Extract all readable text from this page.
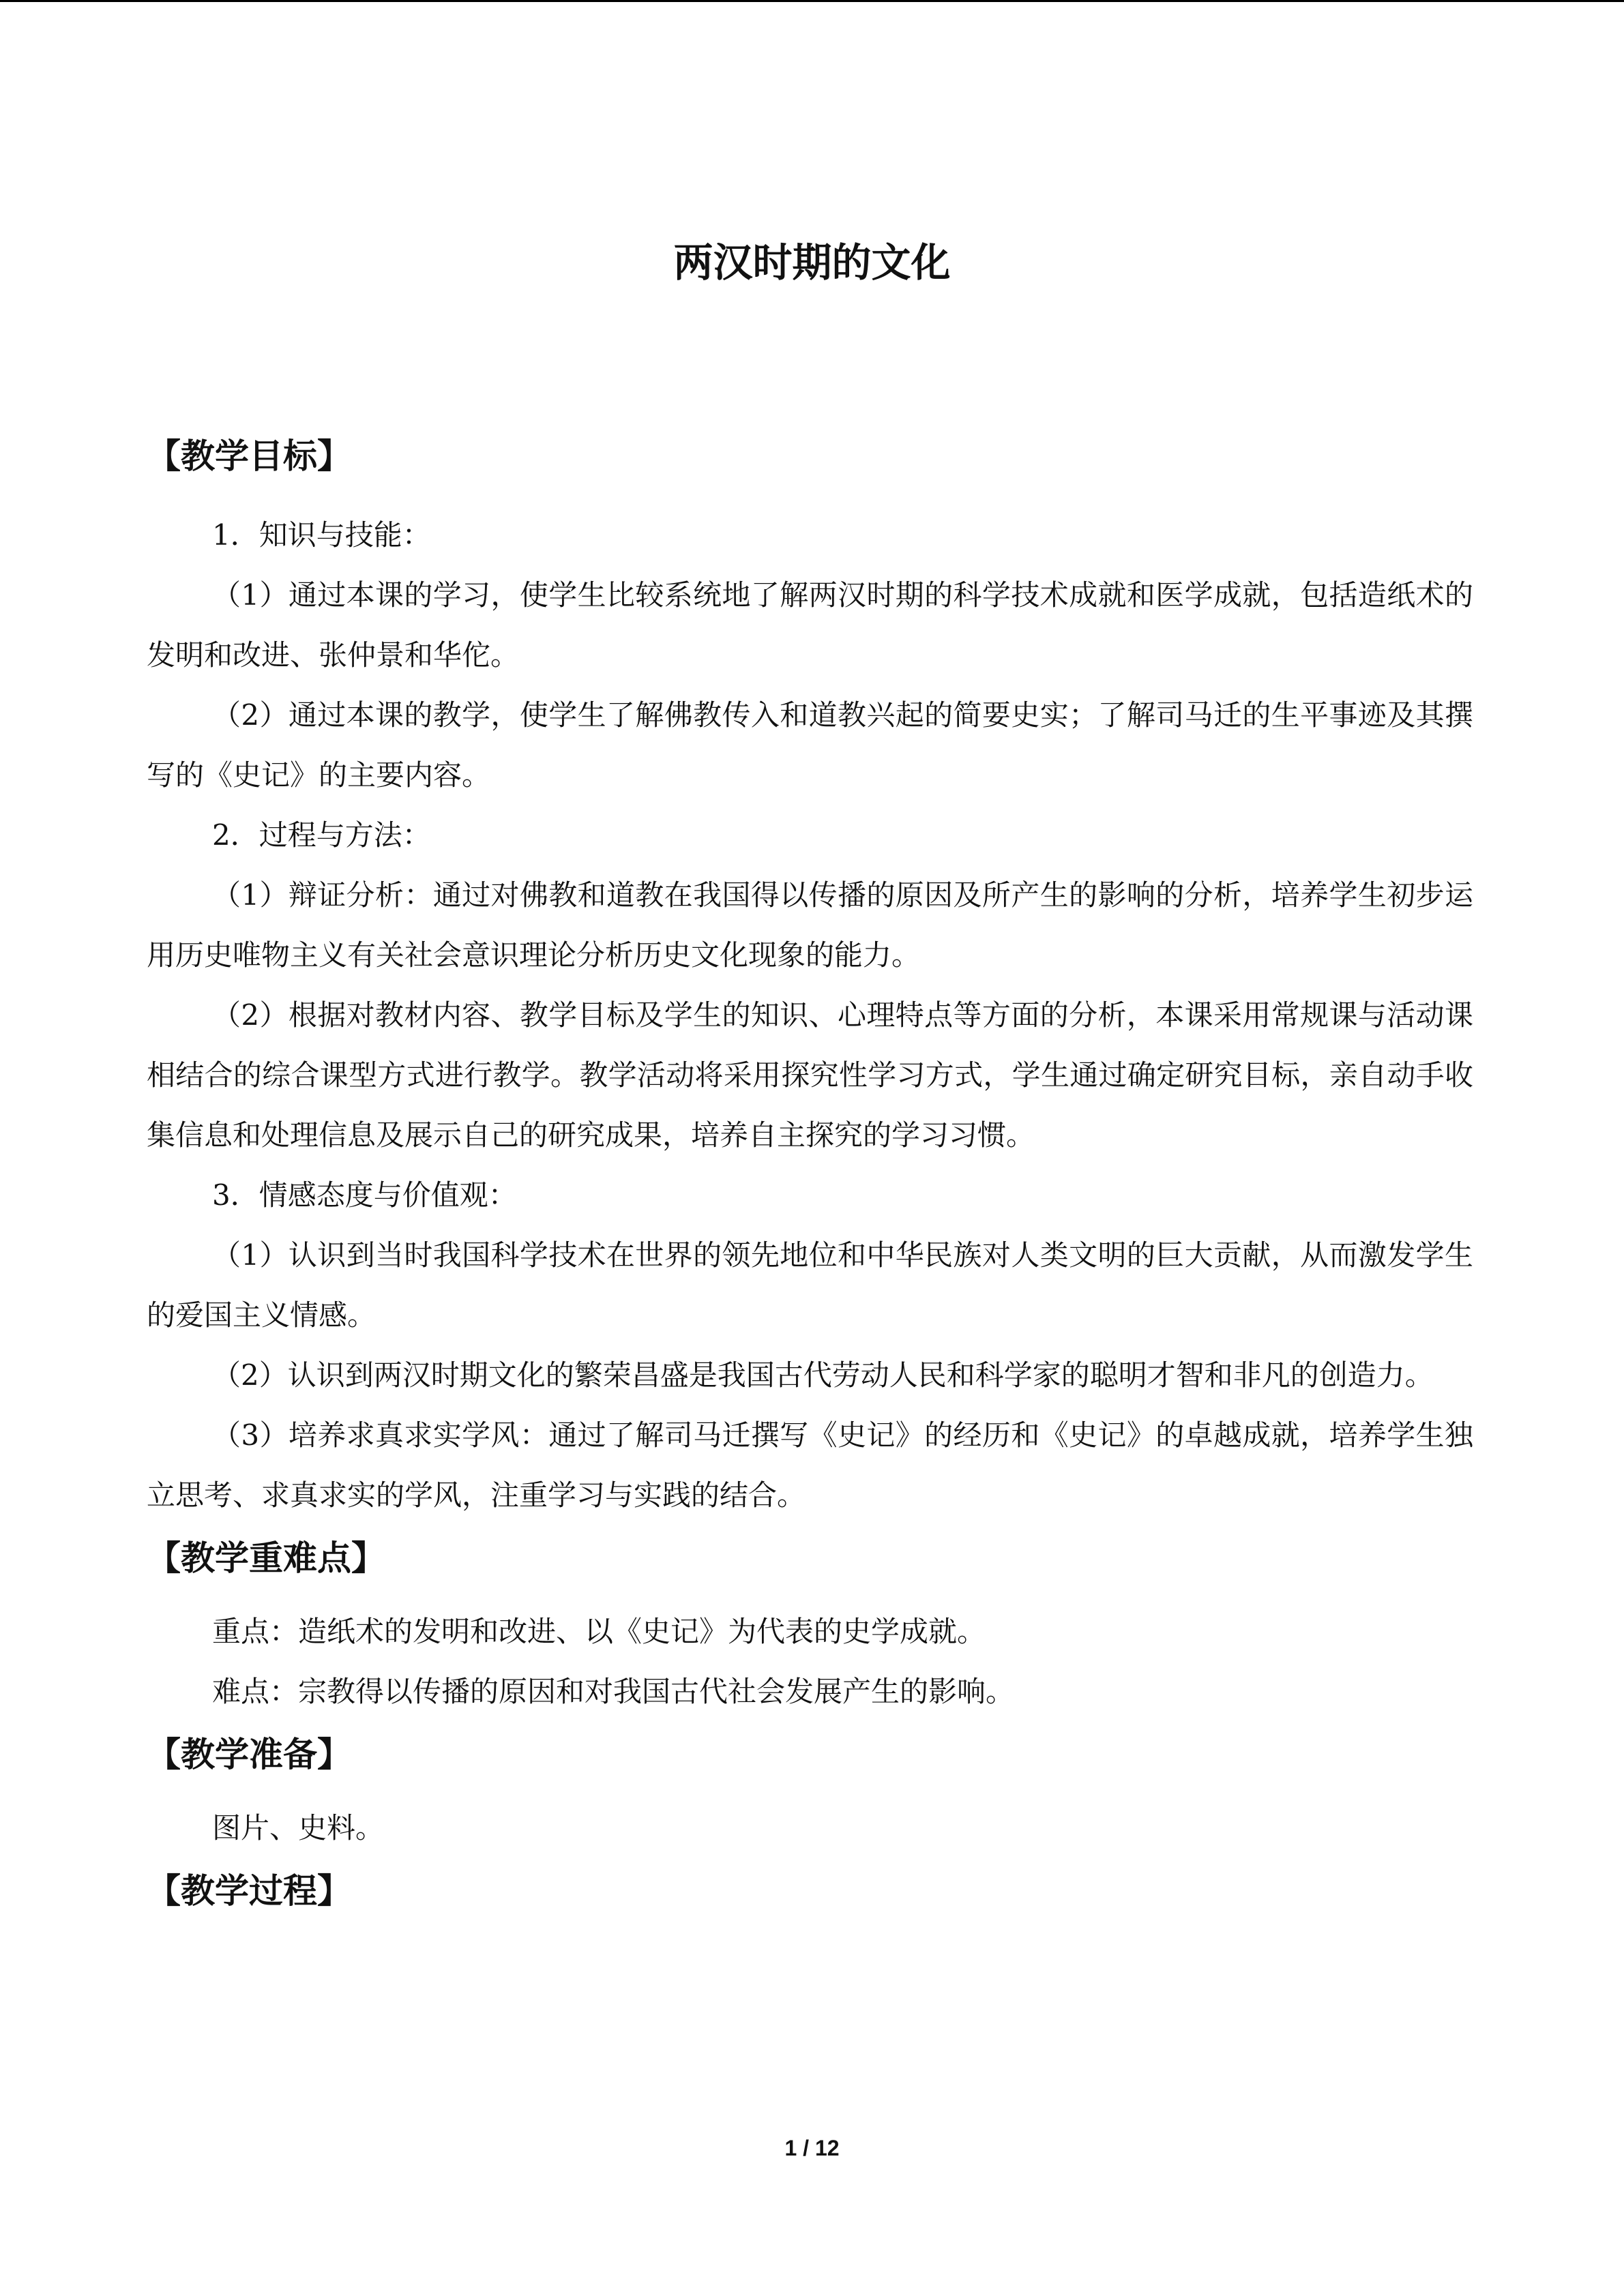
两汉时期的文化
【教学目标】

1．知识与技能：

（1）通过本课的学习，使学生比较系统地了解两汉时期的科学技术成就和医学成就，包括造纸术的发明和改进、张仲景和华佗。

（2）通过本课的教学，使学生了解佛教传入和道教兴起的简要史实；了解司马迁的生平事迹及其撰写的《史记》的主要内容。

2．过程与方法：

（1）辩证分析：通过对佛教和道教在我国得以传播的原因及所产生的影响的分析，培养学生初步运用历史唯物主义有关社会意识理论分析历史文化现象的能力。

（2）根据对教材内容、教学目标及学生的知识、心理特点等方面的分析，本课采用常规课与活动课相结合的综合课型方式进行教学。教学活动将采用探究性学习方式，学生通过确定研究目标，亲自动手收集信息和处理信息及展示自己的研究成果，培养自主探究的学习习惯。

3．情感态度与价值观：

（1）认识到当时我国科学技术在世界的领先地位和中华民族对人类文明的巨大贡献，从而激发学生的爱国主义情感。

（2）认识到两汉时期文化的繁荣昌盛是我国古代劳动人民和科学家的聪明才智和非凡的创造力。

（3）培养求真求实学风：通过了解司马迁撰写《史记》的经历和《史记》的卓越成就，培养学生独立思考、求真求实的学风，注重学习与实践的结合。

【教学重难点】

重点：造纸术的发明和改进、以《史记》为代表的史学成就。

难点：宗教得以传播的原因和对我国古代社会发展产生的影响。

【教学准备】

图片、史料。

【教学过程】
1 / 12
